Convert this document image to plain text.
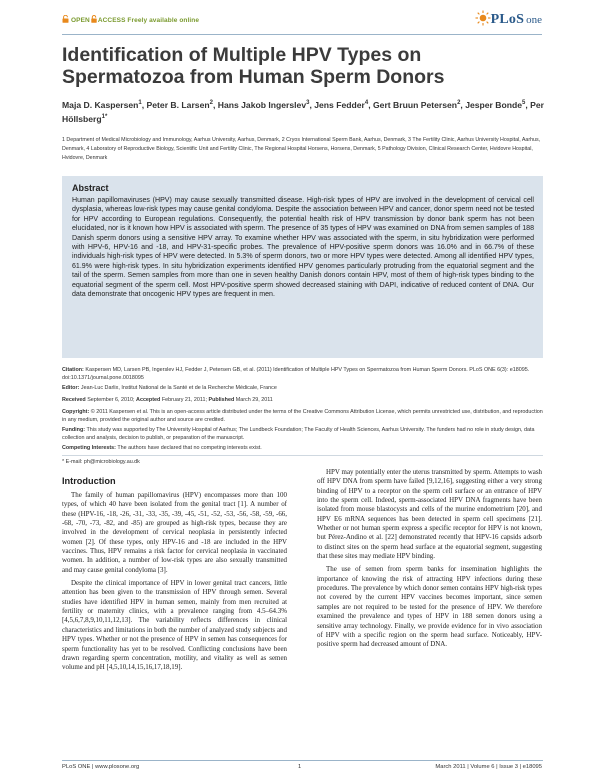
OPEN ACCESS Freely available online	PLoS one
Identification of Multiple HPV Types on Spermatozoa from Human Sperm Donors
Maja D. Kaspersen$^1$, Peter B. Larsen$^2$, Hans Jakob Ingerslev$^3$, Jens Fedder$^4$, Gert Bruun Petersen$^2$, Jesper Bonde$^5$, Per Höllsberg$^{1*}$
1 Department of Medical Microbiology and Immunology, Aarhus University, Aarhus, Denmark, 2 Cryos International Sperm Bank, Aarhus, Denmark, 3 The Fertility Clinic, Aarhus University Hospital, Aarhus, Denmark, 4 Laboratory of Reproductive Biology, Scientific Unit and Fertility Clinic, The Regional Hospital Horsens, Horsens, Denmark, 5 Pathology Division, Clinical Research Center, Hvidovre Hospital, Hvidovre, Denmark
Abstract
Human papillomaviruses (HPV) may cause sexually transmitted disease. High-risk types of HPV are involved in the development of cervical cell dysplasia, whereas low-risk types may cause genital condyloma. Despite the association between HPV and cancer, donor sperm need not be tested for HPV according to European regulations. Consequently, the potential health risk of HPV transmission by donor bank sperm has not been elucidated, nor is it known how HPV is associated with sperm. The presence of 35 types of HPV was examined on DNA from semen samples of 188 Danish sperm donors using a sensitive HPV array. To examine whether HPV was associated with the sperm, in situ hybridization were performed with HPV-6, HPV-16 and -18, and HPV-31-specific probes. The prevalence of HPV-positive sperm donors was 16.0% and in 66.7% of these individuals high-risk types of HPV were detected. In 5.3% of sperm donors, two or more HPV types were detected. Among all identified HPV types, 61.9% were high-risk types. In situ hybridization experiments identified HPV genomes particularly protruding from the equatorial segment and the tail of the sperm. Semen samples from more than one in seven healthy Danish donors contain HPV, most of them of high-risk types binding to the equatorial segment of the sperm cell. Most HPV-positive sperm showed decreased staining with DAPI, indicative of reduced content of DNA. Our data demonstrate that oncogenic HPV types are frequent in men.
Citation: Kaspersen MD, Larsen PB, Ingerslev HJ, Fedder J, Petersen GB, et al. (2011) Identification of Multiple HPV Types on Spermatozoa from Human Sperm Donors. PLoS ONE 6(3): e18095. doi:10.1371/journal.pone.0018095
Editor: Jean-Luc Darlix, Institut National de la Santé et de la Recherche Médicale, France
Received September 6, 2010; Accepted February 21, 2011; Published March 29, 2011
Copyright: © 2011 Kaspersen et al. This is an open-access article distributed under the terms of the Creative Commons Attribution License, which permits unrestricted use, distribution, and reproduction in any medium, provided the original author and source are credited.
Funding: This study was supported by The University Hospital of Aarhus; The Lundbeck Foundation; The Faculty of Health Sciences, Aarhus University. The funders had no role in study design, data collection and analysis, decision to publish, or preparation of the manuscript.
Competing Interests: The authors have declared that no competing interests exist.
* E-mail: ph@microbiology.au.dk
Introduction

The family of human papillomavirus (HPV) encompasses more than 100 types, of which 40 have been isolated from the genital tract [1]. A number of these (HPV-16, -18, -26, -31, -33, -35, -39, -45, -51, -52, -53, -56, -58, -59, -66, -68, -70, -73, -82, and -85) are grouped as high-risk types, because they are involved in the development of cervical neoplasia in persistently infected women [2]. Of these types, only HPV-16 and -18 are included in the HPV vaccines. Thus, HPV remains a risk factor for cervical neoplasia in vaccinated women. In addition, a number of low-risk types are also sexually transmitted and may cause genital condyloma [3].

Despite the clinical importance of HPV in lower genital tract cancers, little attention has been given to the transmission of HPV through semen. Several studies have identified HPV in human semen, mainly from men recruited at fertility or maternity clinics, with a prevalence ranging from 4.5–64.3% [4,5,6,7,8,9,10,11,12,13]. The variability reflects differences in clinical characteristics and limitations in both the number of analyzed study subjects and HPV types. Whether or not the presence of HPV in semen has consequences for sperm functionality has yet to be resolved. Conflicting conclusions have been drawn regarding sperm concentration, motility, and vitality as well as semen volume and pH [4,5,10,14,15,16,17,18,19].

HPV may potentially enter the uterus transmitted by sperm. Attempts to wash off HPV DNA from sperm have failed [9,12,16], suggesting either a very strong binding of HPV to a receptor on the sperm cell surface or an entrance of HPV into the sperm cell. Indeed, sperm-associated HPV DNA fragments have been isolated from mouse blastocysts and cells of the murine endometrium [20], and HPV E6 mRNA sequences has been detected in sperm cell specimens [21]. Whether or not human sperm express a specific receptor for HPV is not known, but Pérez-Andino et al. [22] demonstrated recently that HPV-16 capsids adsorb to distinct sites on the sperm head surface at the equatorial segment, suggesting that these sites may mediate HPV binding.

The use of semen from sperm banks for insemination highlights the importance of knowing the risk of attracting HPV infections during these procedures. The prevalence by which donor semen contains HPV high-risk types not covered by the current HPV vaccines becomes important, since semen samples are not required to be tested for the presence of HPV. We therefore examined the prevalence and types of HPV in 188 semen donors using a sensitive array technology. Finally, we provide evidence for in vivo association of HPV with a specific region on the sperm head surface. Noticeably, HPV-positive sperm had decreased amount of DNA.

PLoS ONE | www.plosone.org	1	March 2011 | Volume 6 | Issue 3 | e18095
